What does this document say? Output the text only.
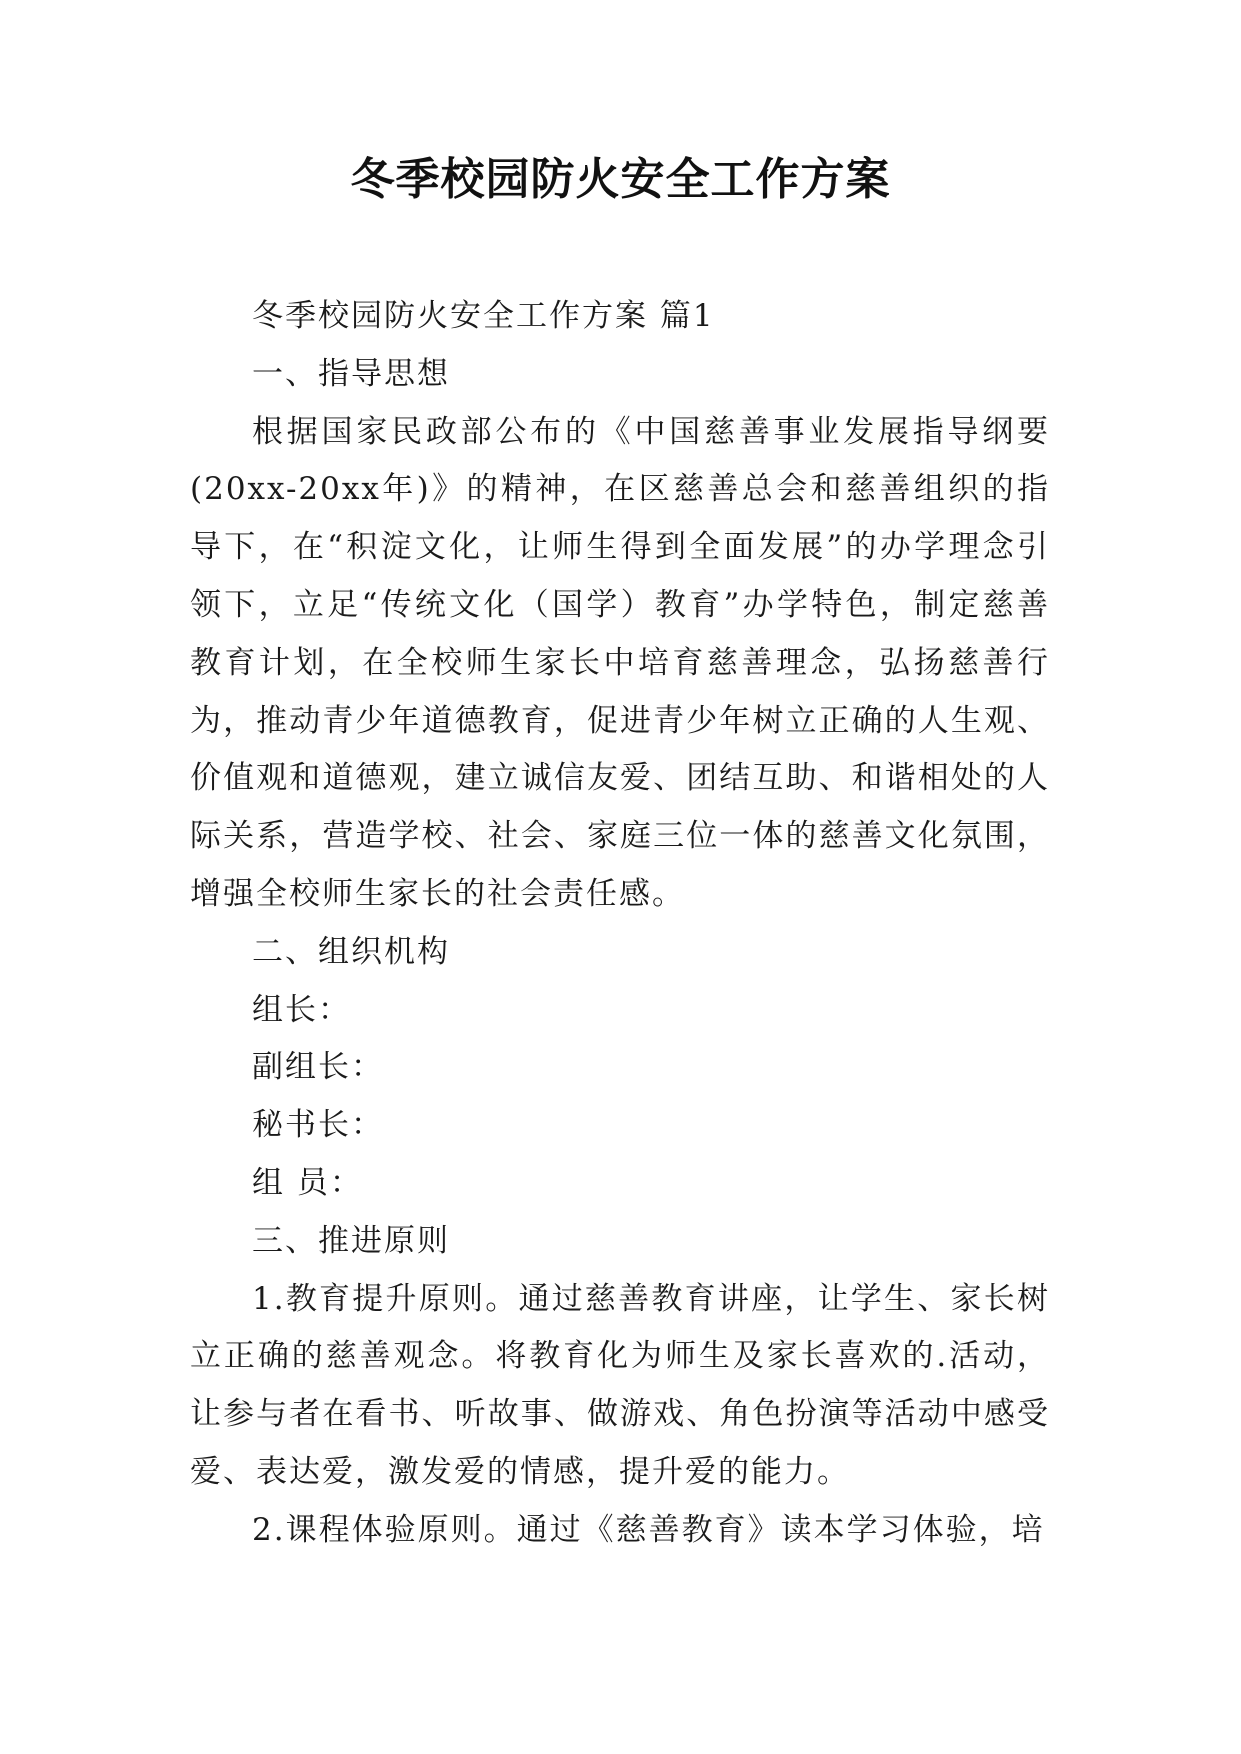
冬季校园防火安全工作方案

冬季校园防火安全工作方案 篇1

一、指导思想

根据国家民政部公布的《中国慈善事业发展指导纲要(20xx-20xx年)》的精神，在区慈善总会和慈善组织的指导下，在“积淀文化，让师生得到全面发展”的办学理念引领下，立足“传统文化（国学）教育”办学特色，制定慈善教育计划，在全校师生家长中培育慈善理念，弘扬慈善行为，推动青少年道德教育，促进青少年树立正确的人生观、价值观和道德观，建立诚信友爱、团结互助、和谐相处的人际关系，营造学校、社会、家庭三位一体的慈善文化氛围，增强全校师生家长的社会责任感。

二、组织机构

组长：

副组长：

秘书长：

组 员：

三、推进原则

1.教育提升原则。通过慈善教育讲座，让学生、家长树立正确的慈善观念。将教育化为师生及家长喜欢的.活动，让参与者在看书、听故事、做游戏、角色扮演等活动中感受爱、表达爱，激发爱的情感，提升爱的能力。

2.课程体验原则。通过《慈善教育》读本学习体验，培
